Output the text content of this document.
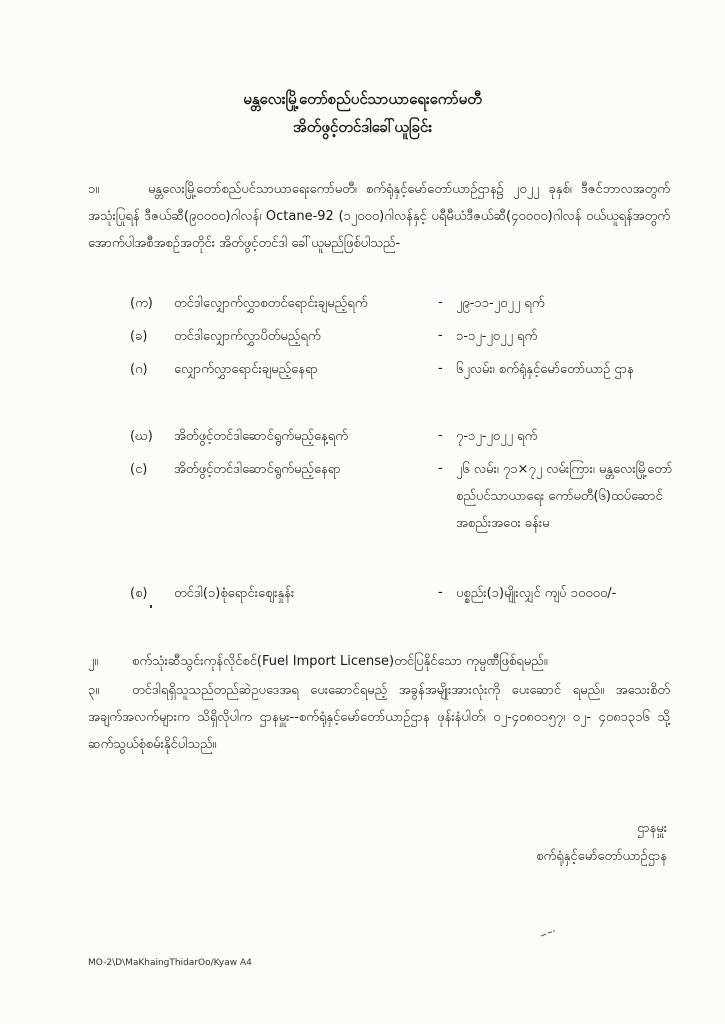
မန္တလေးမြို့တော်စည်ပင်သာယာရေးကော်မတီ
အိတ်ဖွင့်တင်ဒါခေါ်ယူခြင်း
၁။	မန္တလေးမြို့တော်စည်ပင်သာယာရေးကော်မတီ၊ စက်ရုံနှင့်မော်တော်ယာဉ်ဌာန၌ ၂၀၂၂ ခုနှစ်၊ ဒီဇင်ဘာလအတွက် အသုံးပြုရန် ဒီဇယ်ဆီ(၉၀၀၀၀)ဂါလန်၊ Octane-92 (၁၂၀၀၀)ဂါလန်နှင့် ပရီမီယံဒီဇယ်ဆီ(၄၀၀၀၀)ဂါလန် ဝယ်ယူရန်အတွက် အောက်ပါအစီအစဉ်အတိုင်း အိတ်ဖွင့်တင်ဒါ ခေါ်ယူမည်ဖြစ်ပါသည်-
(က)	တင်ဒါလျှောက်လွှာစတင်ရောင်းချမည့်ရက်	-	၂၉-၁၁-၂၀၂၂ ရက်
(ခ)	တင်ဒါလျှောက်လွှာပိတ်မည့်ရက်	-	၁-၁၂-၂၀၂၂ ရက်
(ဂ)	လျှောက်လွှာရောင်းချမည့်နေရာ	-	၆၂လမ်း၊ စက်ရုံနှင့်မော်တော်ယာဉ် ဌာန
(ဃ)	အိတ်ဖွင့်တင်ဒါဆောင်ရွက်မည့်နေ့ရက်	-	၇-၁၂-၂၀၂၂ ရက်
(င)	အိတ်ဖွင့်တင်ဒါဆောင်ရွက်မည့်နေရာ	-	၂၆ လမ်း၊ ၇၁×၇၂ လမ်းကြား၊ မန္တလေးမြို့တော်စည်ပင်သာယာရေး ကော်မတီ(၆)ထပ်ဆောင်အစည်းအဝေး ခန်းမ
(စ)	တင်ဒါ(၁)စုံရောင်းဈေးနှုန်း	-	ပစ္စည်း(၁)မျိုးလျှင် ကျပ် ၁၀၀၀၀/-
၂။	စက်သုံးဆီသွင်းကုန်လိုင်စင်(Fuel Import License)တင်ပြနိုင်သော ကုမ္ပဏီဖြစ်ရမည်။
၃။	တင်ဒါရရှိသူသည်တည်ဆဲဥပဒေအရ ပေးဆောင်ရမည့် အခွန်အမျိုးအားလုံးကို ပေးဆောင် ရမည်။ အသေးစိတ်အချက်အလက်များက သိရှိလိုပါက ဌာနမှူး--စက်ရုံနှင့်မော်တော်ယာဉ်ဌာန ဖုန်းနံပါတ်၊ ၀၂-၄၀၈၀၁၅၇၊ ၀၂- ၄၀၈၁၃၁၆ သို့ ဆက်သွယ်စုံစမ်းနိုင်ပါသည်။
ဌာနမှူး
စက်ရုံနှင့်မော်တော်ယာဉ်ဌာန
MO-2\D\MaKhaingThidarOo/Kyaw A4
